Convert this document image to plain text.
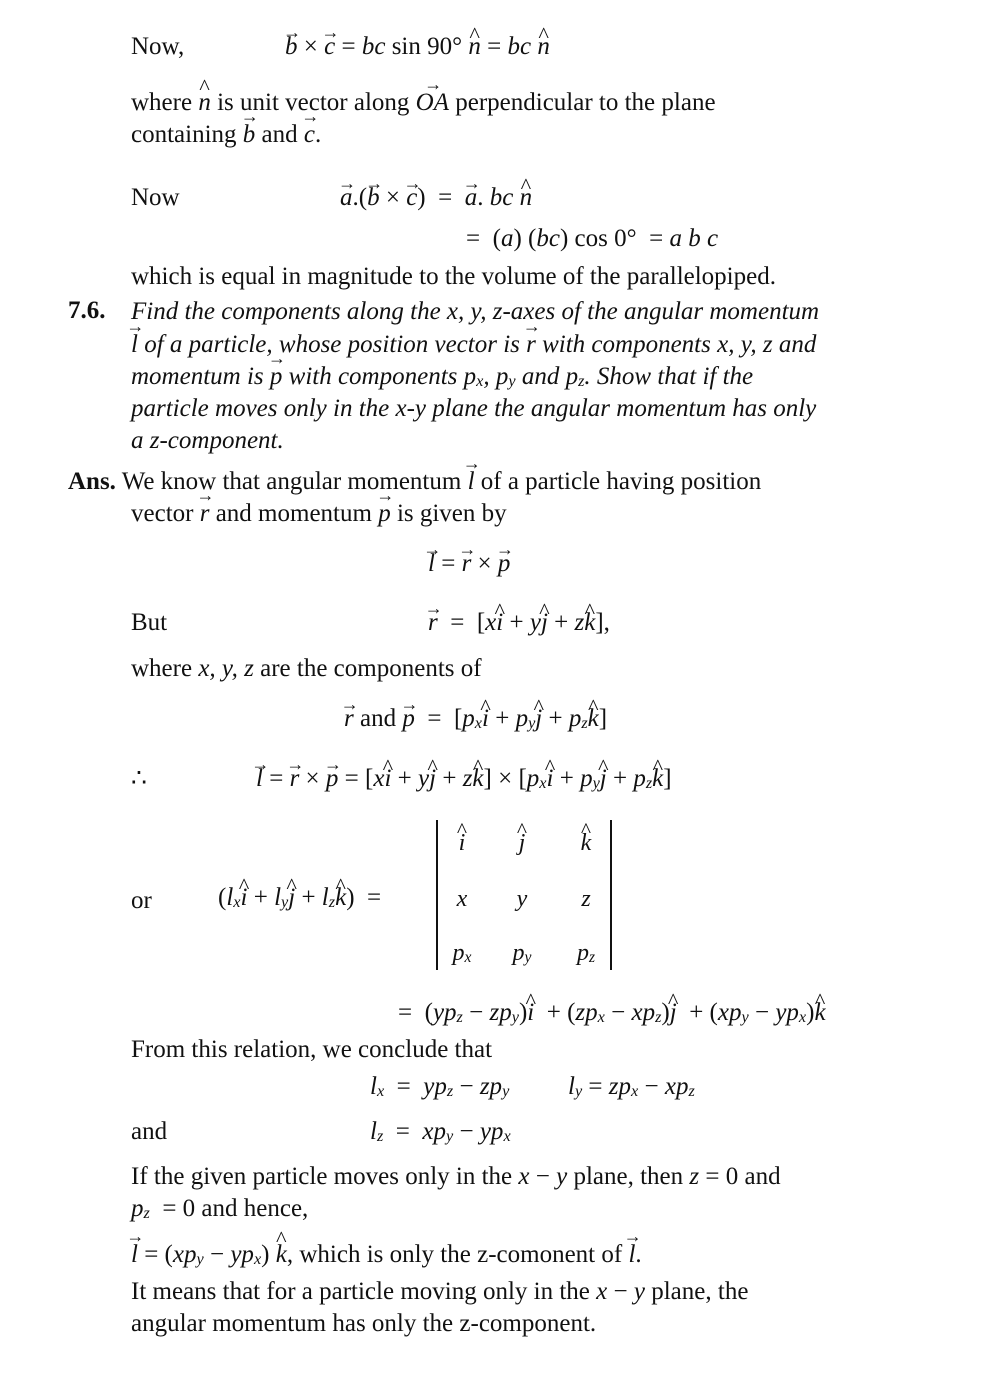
Now,	→ b × → c = bc sin 90° ^ n = bc ^ n
where ^ n is unit vector along → OA perpendicular to the plane
containing → b and → c.
Now	→ a.(→ b × → c)  =  → a. bc ^ n
=  (a) (bc) cos 0°  = a b c
which is equal in magnitude to the volume of the parallelopiped.
7.6. Find the components along the x, y, z-axes of the angular momentum
→ l of a particle, whose position vector is → r with components x, y, z and
momentum is → p with components $p_x$, $p_y$ and $p_z$. Show that if the
particle moves only in the x-y plane the angular momentum has only
a z-component.
Ans. We know that angular momentum → l of a particle having position
vector → r and momentum → p is given by
→ l = → r × → p
But	→ r  =  [x^ i + y^ j + z^ k],
where x, y, z are the components of
→ r and → $p = [p_x\^{}$ $i + p_y\^{}$ $j + p_z\^{}$ k]
∴	→ l = → r × → p = [x^ i + y^ j + z^ $k] \times [p_x\^{}$ $i + p_y\^{}$ $j + p_z\^{}$ k]
or	($l_x\^{}$ $i + l_y\^{}$ $j + l_z\^{}$ k)  =
^ i	^ j	^ k
x	y	z
$p_x$	$p_y$	$p_z$
=  ($yp_z$ − $zp_y)\^{}$ $i + (zp_x$ − $xp_z)\^{}$ $j + (xp_y$ − $yp_x)\^{}$ k
From this relation, we conclude that
$l_x = yp_z - zp_y$ $l_y = zp_x - xp_z$
and	$l_z = xp_y - yp_x$
If the given particle moves only in the x − y plane, then z = 0 and
$p_z = 0$ and hence,
→ $l = (xp_y - yp_x)$ ^ k, which is only the z-comonent of → l.
It means that for a particle moving only in the x − y plane, the
angular momentum has only the z-component.
